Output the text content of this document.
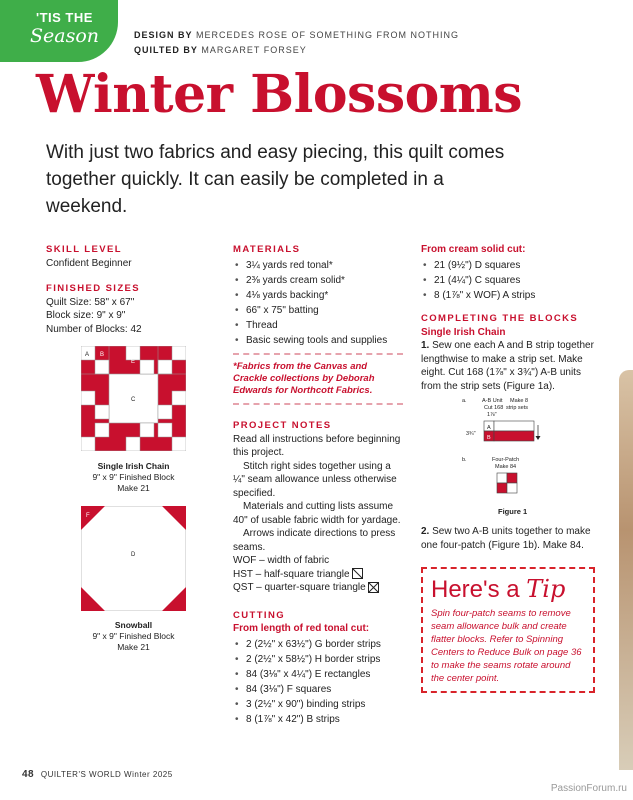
'TIS THE
Season	DESIGN BY MERCEDES ROSE OF SOMETHING FROM NOTHING
QUILTED BY MARGARET FORSEY
Winter Blossoms
With just two fabrics and easy piecing, this quilt comes together quickly. It can easily be completed in a weekend.
SKILL LEVEL
Confident Beginner
FINISHED SIZES
Quilt Size: 58" x 67"
Block size: 9" x 9"
Number of Blocks: 42
A B
E
C
Single Irish Chain
9" x 9" Finished Block
Make 21
F
D
Snowball
9" x 9" Finished Block
Make 21
MATERIALS
• 3¼ yards red tonal*
• 2⅜ yards cream solid*
• 4⅛ yards backing*
• 66" x 75" batting
• Thread
• Basic sewing tools and supplies
*Fabrics from the Canvas and Crackle collections by Deborah Edwards for Northcott Fabrics.
PROJECT NOTES
Read all instructions before beginning this project.
Stitch right sides together using a ¼" seam allowance unless otherwise specified.
Materials and cutting lists assume 40" of usable fabric width for yardage.
Arrows indicate directions to press seams.
WOF – width of fabric
HST – half-square triangle
QST – quarter-square triangle
CUTTING
From length of red tonal cut:
• 2 (2½" x 63½") G border strips
• 2 (2½" x 58½") H border strips
• 84 (3⅛" x 4¼") E rectangles
• 84 (3⅛") F squares
• 3 (2½" x 90") binding strips
• 8 (1⅞" x 42") B strips
From cream solid cut:
• 21 (9½") D squares
• 21 (4¼") C squares
• 8 (1⅞" x WOF) A strips
COMPLETING THE BLOCKS
Single Irish Chain
1. Sew one each A and B strip together lengthwise to make a strip set. Make eight. Cut 168 (1⅞" x 3¾") A-B units from the strip sets (Figure 1a).
a.	A-B Unit
Cut 168
1⅞"
Make 8
strip sets
3¾"
A
B
b.	Four-Patch
Make 84
Figure 1
2. Sew two A-B units together to make one four-patch (Figure 1b). Make 84.
Here's a Tip
Spin four-patch seams to remove seam allowance bulk and create flatter blocks. Refer to Spinning Centers to Reduce Bulk on page 36 to make the seams rotate around the center point.
48 QUILTER'S WORLD Winter 2025
PassionForum.ru
